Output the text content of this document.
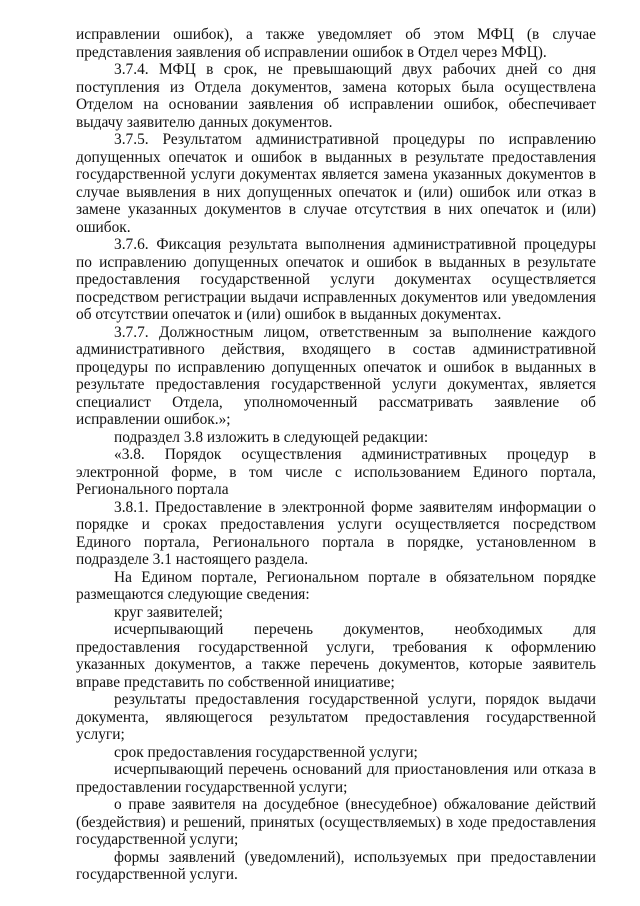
исправлении ошибок), а также уведомляет об этом МФЦ (в случае представления заявления об исправлении ошибок в Отдел через МФЦ).

3.7.4. МФЦ в срок, не превышающий двух рабочих дней со дня поступления из Отдела документов, замена которых была осуществлена Отделом на основании заявления об исправлении ошибок, обеспечивает выдачу заявителю данных документов.

3.7.5. Результатом административной процедуры по исправлению допущенных опечаток и ошибок в выданных в результате предоставления государственной услуги документах является замена указанных документов в случае выявления в них допущенных опечаток и (или) ошибок или отказ в замене указанных документов в случае отсутствия в них опечаток и (или) ошибок.

3.7.6. Фиксация результата выполнения административной процедуры по исправлению допущенных опечаток и ошибок в выданных в результате предоставления государственной услуги документах осуществляется посредством регистрации выдачи исправленных документов или уведомления об отсутствии опечаток и (или) ошибок в выданных документах.

3.7.7. Должностным лицом, ответственным за выполнение каждого административного действия, входящего в состав административной процедуры по исправлению допущенных опечаток и ошибок в выданных в результате предоставления государственной услуги документах, является специалист Отдела, уполномоченный рассматривать заявление об исправлении ошибок.»;

подраздел 3.8 изложить в следующей редакции:

«3.8. Порядок осуществления административных процедур в электронной форме, в том числе с использованием Единого портала, Регионального портала

3.8.1. Предоставление в электронной форме заявителям информации о порядке и сроках предоставления услуги осуществляется посредством Единого портала, Регионального портала в порядке, установленном в подразделе 3.1 настоящего раздела.

На Едином портале, Региональном портале в обязательном порядке размещаются следующие сведения:

круг заявителей;

исчерпывающий перечень документов, необходимых для предоставления государственной услуги, требования к оформлению указанных документов, а также перечень документов, которые заявитель вправе представить по собственной инициативе;

результаты предоставления государственной услуги, порядок выдачи документа, являющегося результатом предоставления государственной услуги;

срок предоставления государственной услуги;

исчерпывающий перечень оснований для приостановления или отказа в предоставлении государственной услуги;

о праве заявителя на досудебное (внесудебное) обжалование действий (бездействия) и решений, принятых (осуществляемых) в ходе предоставления государственной услуги;

формы заявлений (уведомлений), используемых при предоставлении государственной услуги.
